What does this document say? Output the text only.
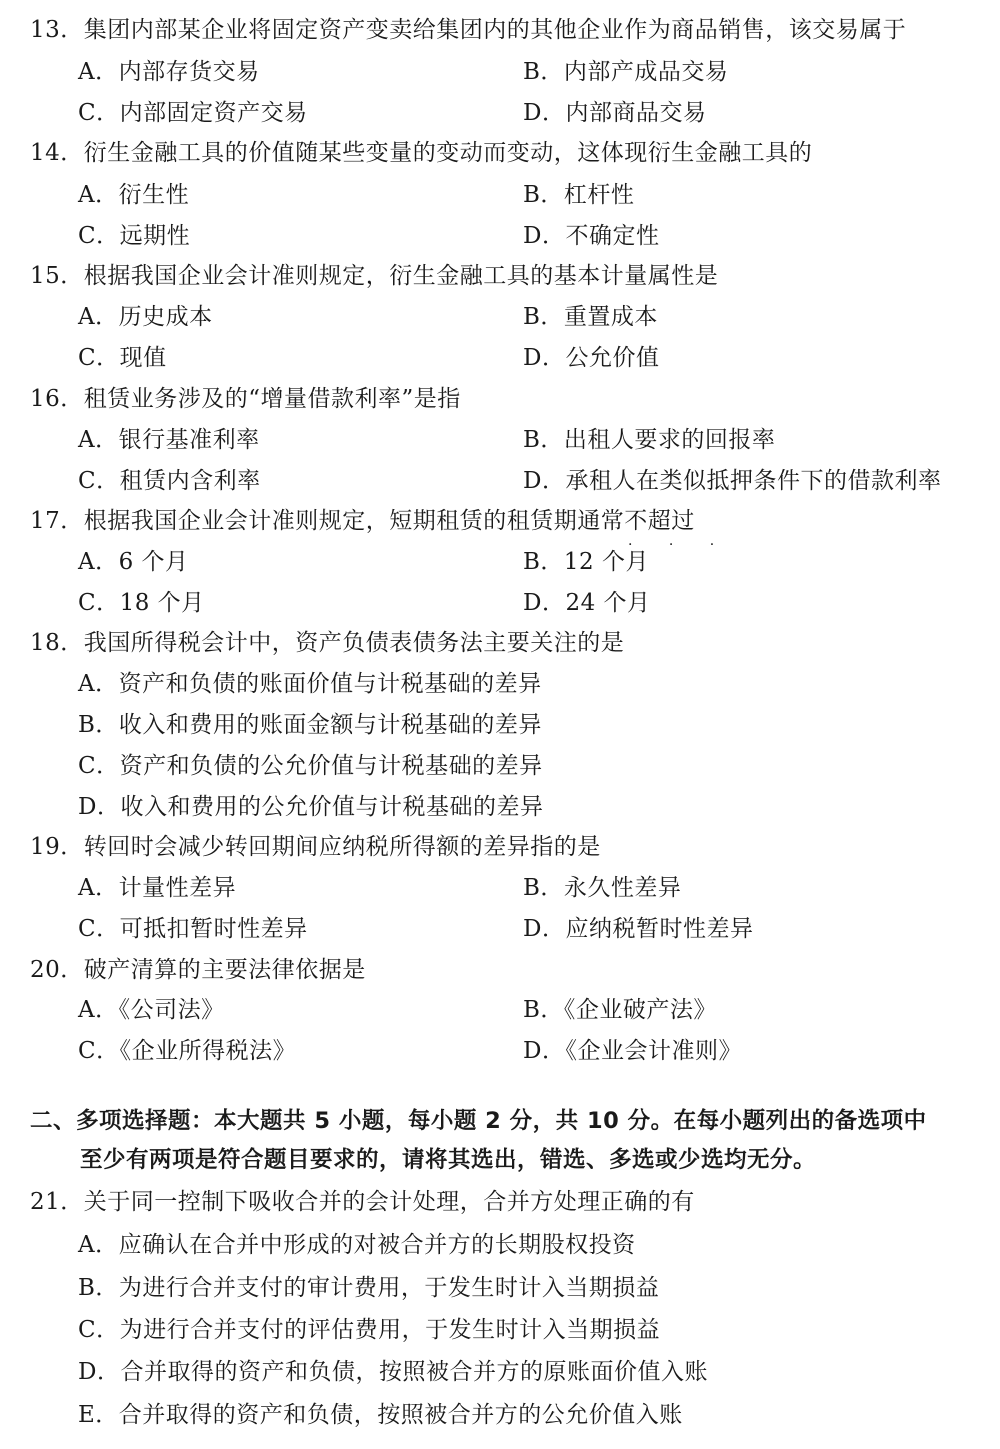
13．集团内部某企业将固定资产变卖给集团内的其他企业作为商品销售，该交易属于
A．内部存货交易	B．内部产成品交易
C．内部固定资产交易	D．内部商品交易
14．衍生金融工具的价值随某些变量的变动而变动，这体现衍生金融工具的
A．衍生性	B．杠杆性
C．远期性	D．不确定性
15．根据我国企业会计准则规定，衍生金融工具的基本计量属性是
A．历史成本	B．重置成本
C．现值	D．公允价值
16．租赁业务涉及的“增量借款利率”是指
A．银行基准利率	B．出租人要求的回报率
C．租赁内含利率	D．承租人在类似抵押条件下的借款利率
17．根据我国企业会计准则规定，短期租赁的租赁期通常不超过
· · ·
A．6 个月	B．12 个月
C．18 个月	D．24 个月
18．我国所得税会计中，资产负债表债务法主要关注的是
A．资产和负债的账面价值与计税基础的差异
B．收入和费用的账面金额与计税基础的差异
C．资产和负债的公允价值与计税基础的差异
D．收入和费用的公允价值与计税基础的差异
19．转回时会减少转回期间应纳税所得额的差异指的是
A．计量性差异	B．永久性差异
C．可抵扣暂时性差异	D．应纳税暂时性差异
20．破产清算的主要法律依据是
A．《公司法》	B．《企业破产法》
C．《企业所得税法》	D．《企业会计准则》
二、多项选择题：本大题共 5 小题，每小题 2 分，共 10 分。在每小题列出的备选项中
至少有两项是符合题目要求的，请将其选出，错选、多选或少选均无分。
21．关于同一控制下吸收合并的会计处理，合并方处理正确的有
A．应确认在合并中形成的对被合并方的长期股权投资
B．为进行合并支付的审计费用，于发生时计入当期损益
C．为进行合并支付的评估费用，于发生时计入当期损益
D．合并取得的资产和负债，按照被合并方的原账面价值入账
E．合并取得的资产和负债，按照被合并方的公允价值入账
